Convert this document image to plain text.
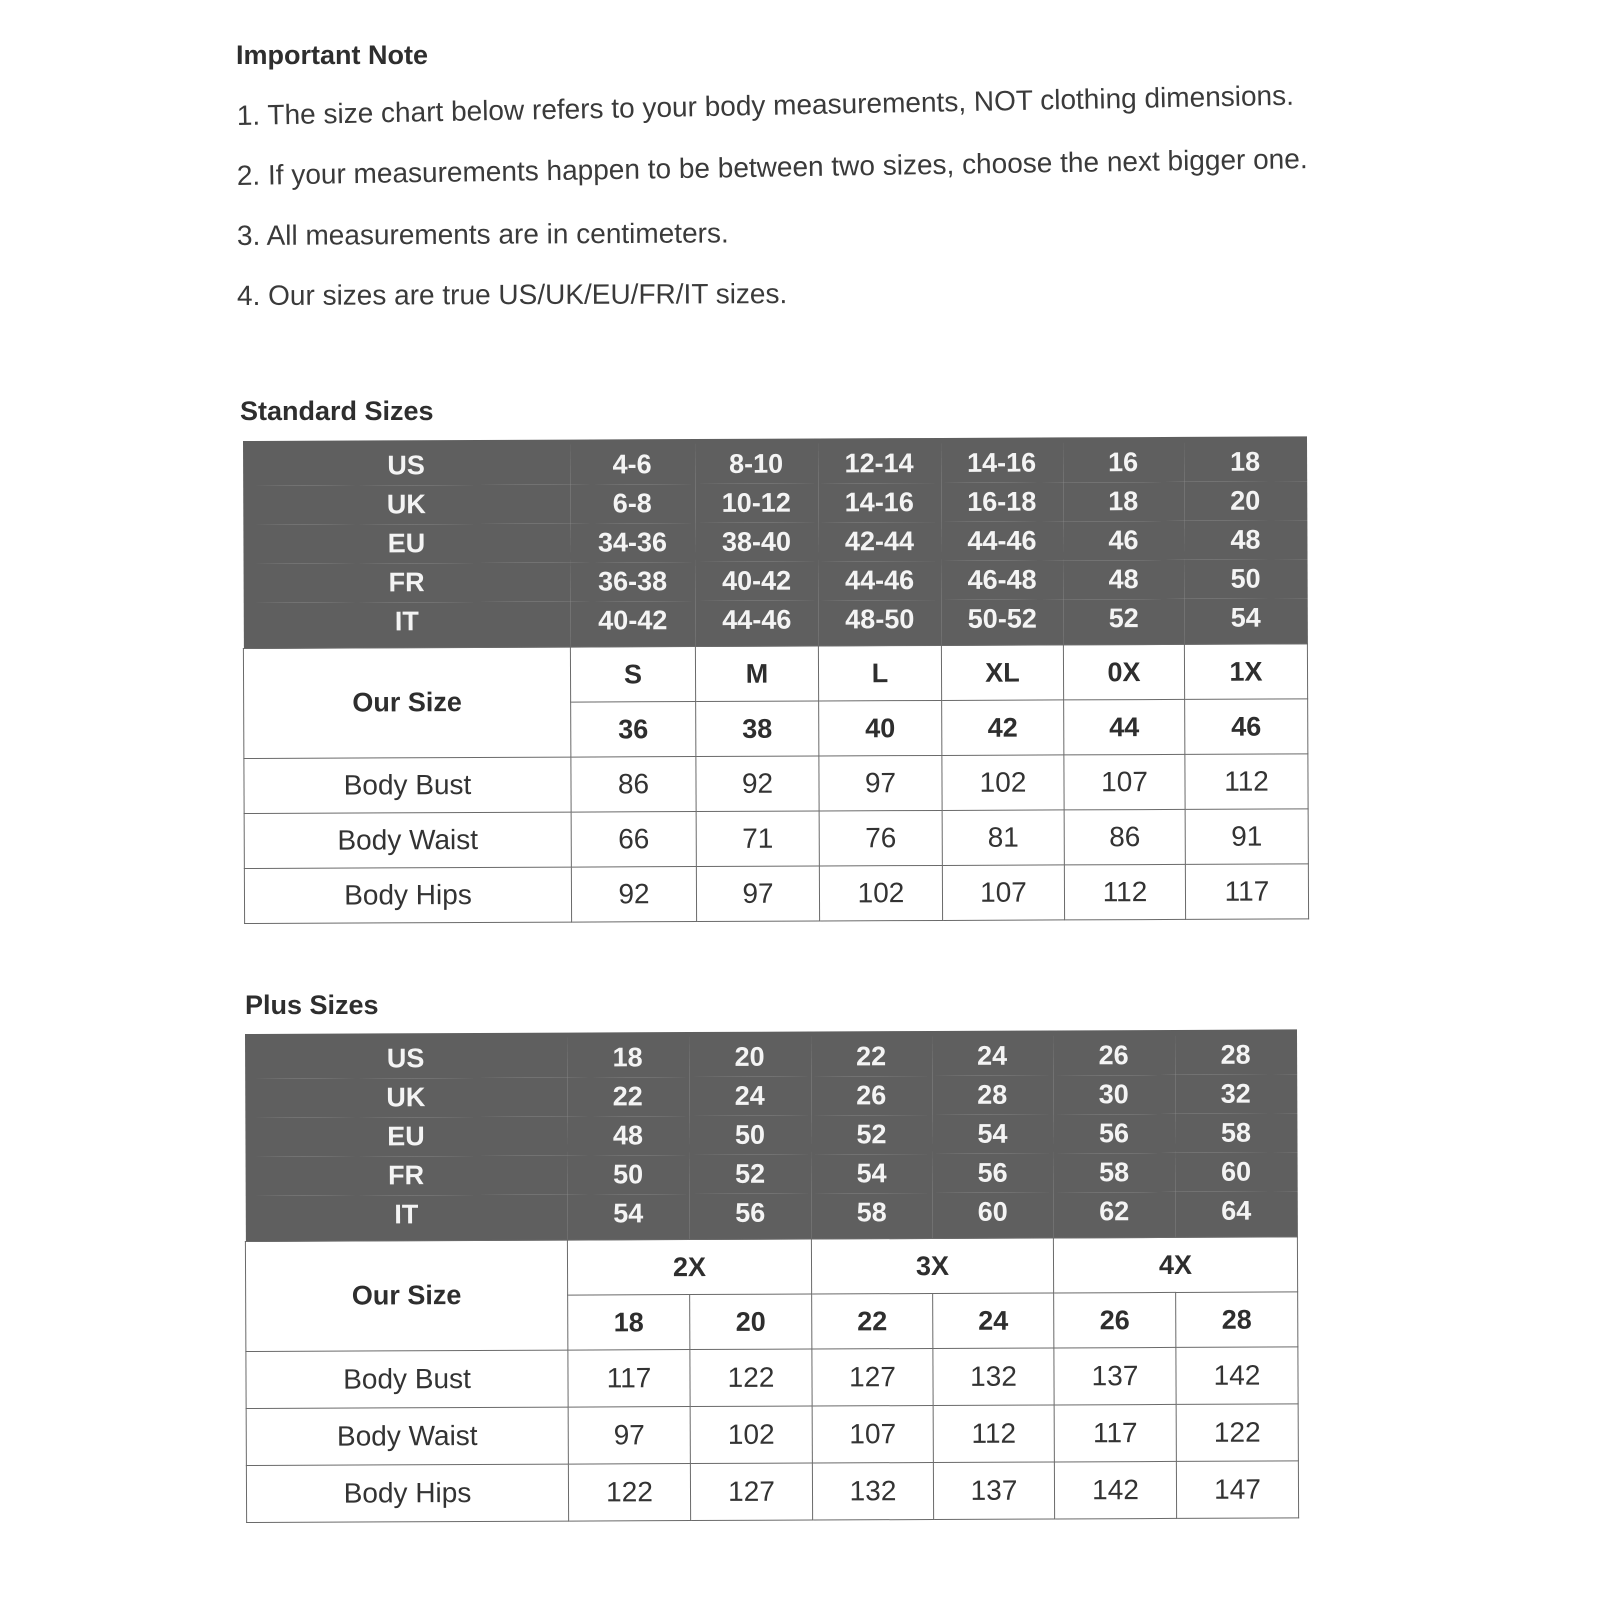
Important Note
1. The size chart below refers to your body measurements, NOT clothing dimensions.
2. If your measurements happen to be between two sizes, choose the next bigger one.
3. All measurements are in centimeters.
4. Our sizes are true US/UK/EU/FR/IT sizes.
Standard Sizes
US	4-6	8-10	12-14	14-16	16	18
UK	6-8	10-12	14-16	16-18	18	20
EU	34-36	38-40	42-44	44-46	46	48
FR	36-38	40-42	44-46	46-48	48	50
IT	40-42	44-46	48-50	50-52	52	54
Our Size	S	M	L	XL	0X	1X
	36	38	40	42	44	46
Body Bust	86	92	97	102	107	112
Body Waist	66	71	76	81	86	91
Body Hips	92	97	102	107	112	117
Plus Sizes
US	18	20	22	24	26	28
UK	22	24	26	28	30	32
EU	48	50	52	54	56	58
FR	50	52	54	56	58	60
IT	54	56	58	60	62	64
Our Size	2X		3X		4X	
	18	20	22	24	26	28
Body Bust	117	122	127	132	137	142
Body Waist	97	102	107	112	117	122
Body Hips	122	127	132	137	142	147
